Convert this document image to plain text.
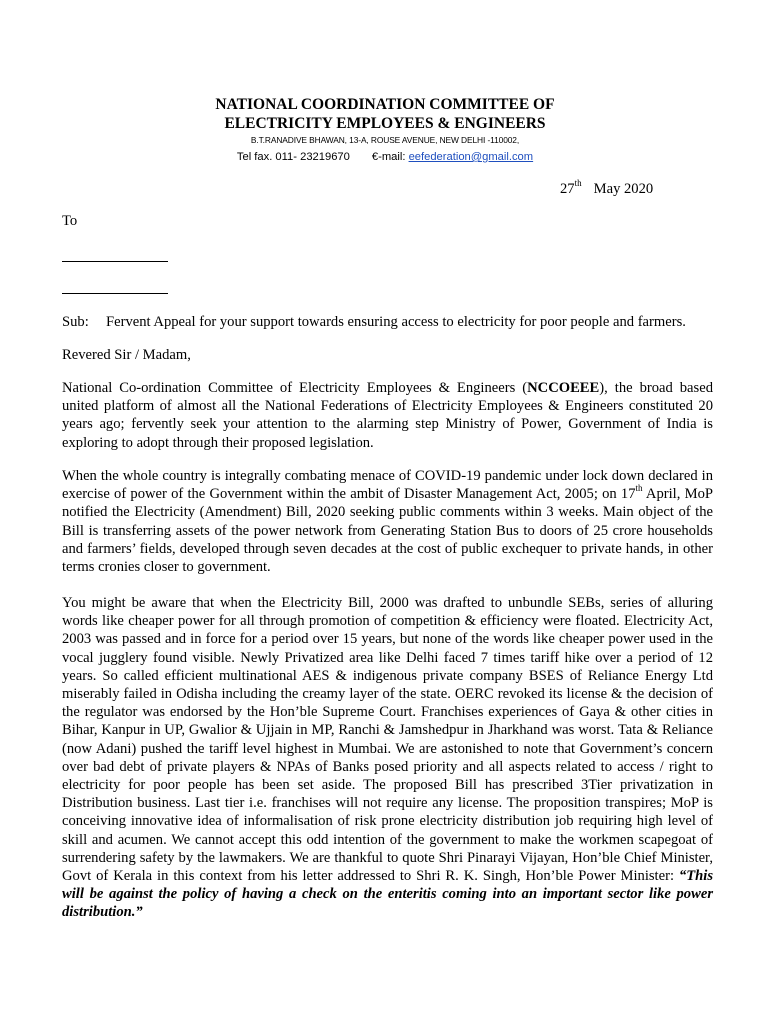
NATIONAL COORDINATION COMMITTEE OF
ELECTRICITY EMPLOYEES & ENGINEERS
B.T.RANADIVE BHAWAN, 13-A, ROUSE AVENUE, NEW DELHI -110002,
Tel fax. 011- 23219670 €-mail: eefederation@gmail.com
27th May 2020
To
Sub: Fervent Appeal for your support towards ensuring access to electricity for poor people and farmers.
Revered Sir / Madam,

National Co-ordination Committee of Electricity Employees & Engineers (NCCOEEE), the broad based united platform of almost all the National Federations of Electricity Employees & Engineers constituted 20 years ago; fervently seek your attention to the alarming step Ministry of Power, Government of India is exploring to adopt through their proposed legislation.

When the whole country is integrally combating menace of COVID-19 pandemic under lock down declared in exercise of power of the Government within the ambit of Disaster Management Act, 2005; on 17th April, MoP notified the Electricity (Amendment) Bill, 2020 seeking public comments within 3 weeks. Main object of the Bill is transferring assets of the power network from Generating Station Bus to doors of 25 crore households and farmers’ fields, developed through seven decades at the cost of public exchequer to private hands, in other terms cronies closer to government.

You might be aware that when the Electricity Bill, 2000 was drafted to unbundle SEBs, series of alluring words like cheaper power for all through promotion of competition & efficiency were floated. Electricity Act, 2003 was passed and in force for a period over 15 years, but none of the words like cheaper power used in the vocal jugglery found visible. Newly Privatized area like Delhi faced 7 times tariff hike over a period of 12 years. So called efficient multinational AES & indigenous private company BSES of Reliance Energy Ltd miserably failed in Odisha including the creamy layer of the state. OERC revoked its license & the decision of the regulator was endorsed by the Hon’ble Supreme Court. Franchises experiences of Gaya & other cities in Bihar, Kanpur in UP, Gwalior & Ujjain in MP, Ranchi & Jamshedpur in Jharkhand was worst. Tata & Reliance (now Adani) pushed the tariff level highest in Mumbai. We are astonished to note that Government’s concern over bad debt of private players & NPAs of Banks posed priority and all aspects related to access / right to electricity for poor people has been set aside. The proposed Bill has prescribed 3Tier privatization in Distribution business. Last tier i.e. franchises will not require any license. The proposition transpires; MoP is conceiving innovative idea of informalisation of risk prone electricity distribution job requiring high level of skill and acumen. We cannot accept this odd intention of the government to make the workmen scapegoat of surrendering safety by the lawmakers. We are thankful to quote Shri Pinarayi Vijayan, Hon’ble Chief Minister, Govt of Kerala in this context from his letter addressed to Shri R. K. Singh, Hon’ble Power Minister: “This will be against the policy of having a check on the enteritis coming into an important sector like power distribution.”
